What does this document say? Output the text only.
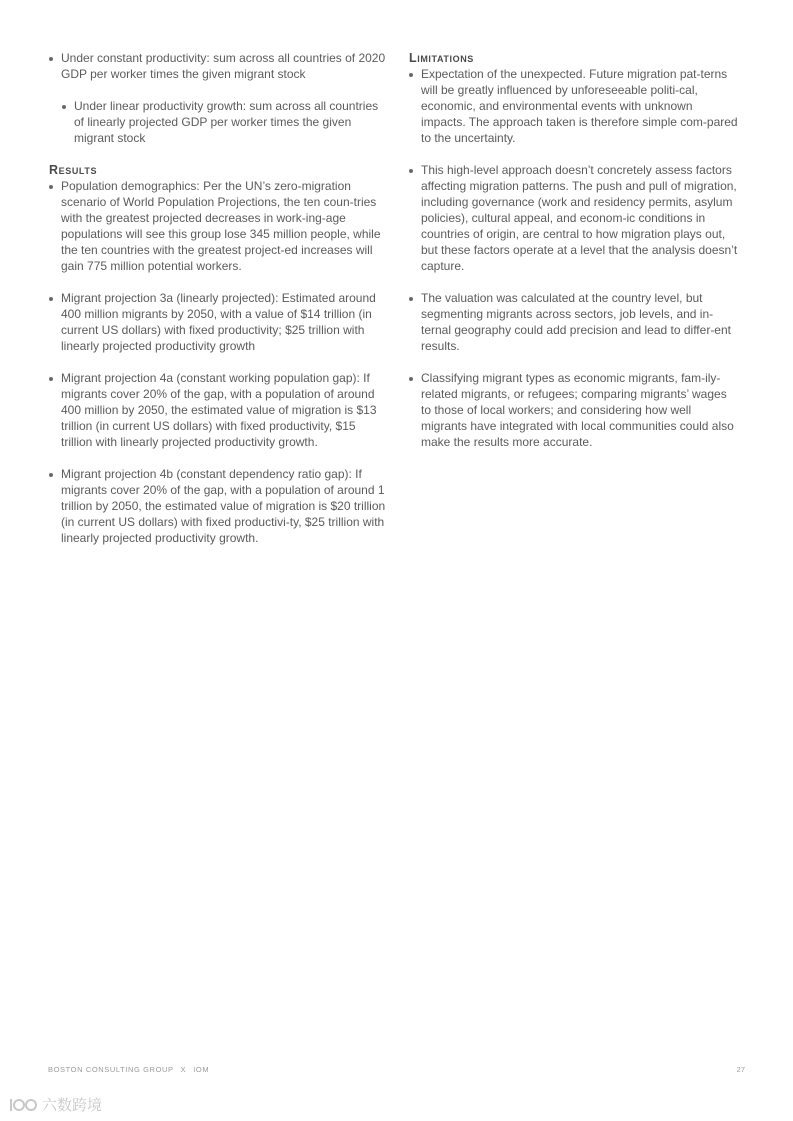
Under constant productivity: sum across all countries of 2020 GDP per worker times the given migrant stock
Under linear productivity growth: sum across all countries of linearly projected GDP per worker times the given migrant stock
Results
Population demographics: Per the UN’s zero-migration scenario of World Population Projections, the ten coun-tries with the greatest projected decreases in work-ing-age populations will see this group lose 345 million people, while the ten countries with the greatest project-ed increases will gain 775 million potential workers.
Migrant projection 3a (linearly projected): Estimated around 400 million migrants by 2050, with a value of $14 trillion (in current US dollars) with fixed productivity; $25 trillion with linearly projected productivity growth
Migrant projection 4a (constant working population gap): If migrants cover 20% of the gap, with a population of around 400 million by 2050, the estimated value of migration is $13 trillion (in current US dollars) with fixed productivity, $15 trillion with linearly projected productivity growth.
Migrant projection 4b (constant dependency ratio gap): If migrants cover 20% of the gap, with a population of around 1 trillion by 2050, the estimated value of migration is $20 trillion (in current US dollars) with fixed productivi-ty, $25 trillion with linearly projected productivity growth.
Limitations
Expectation of the unexpected. Future migration pat-terns will be greatly influenced by unforeseeable politi-cal, economic, and environmental events with unknown impacts. The approach taken is therefore simple com-pared to the uncertainty.
This high-level approach doesn’t concretely assess factors affecting migration patterns. The push and pull of migration, including governance (work and residency permits, asylum policies), cultural appeal, and econom-ic conditions in countries of origin, are central to how migration plays out, but these factors operate at a level that the analysis doesn’t capture.
The valuation was calculated at the country level, but segmenting migrants across sectors, job levels, and in-ternal geography could add precision and lead to differ-ent results.
Classifying migrant types as economic migrants, fam-ily-related migrants, or refugees; comparing migrants’ wages to those of local workers; and considering how well migrants have integrated with local communities could also make the results more accurate.
BOSTON CONSULTING GROUP X IOM	27
六数跨境
